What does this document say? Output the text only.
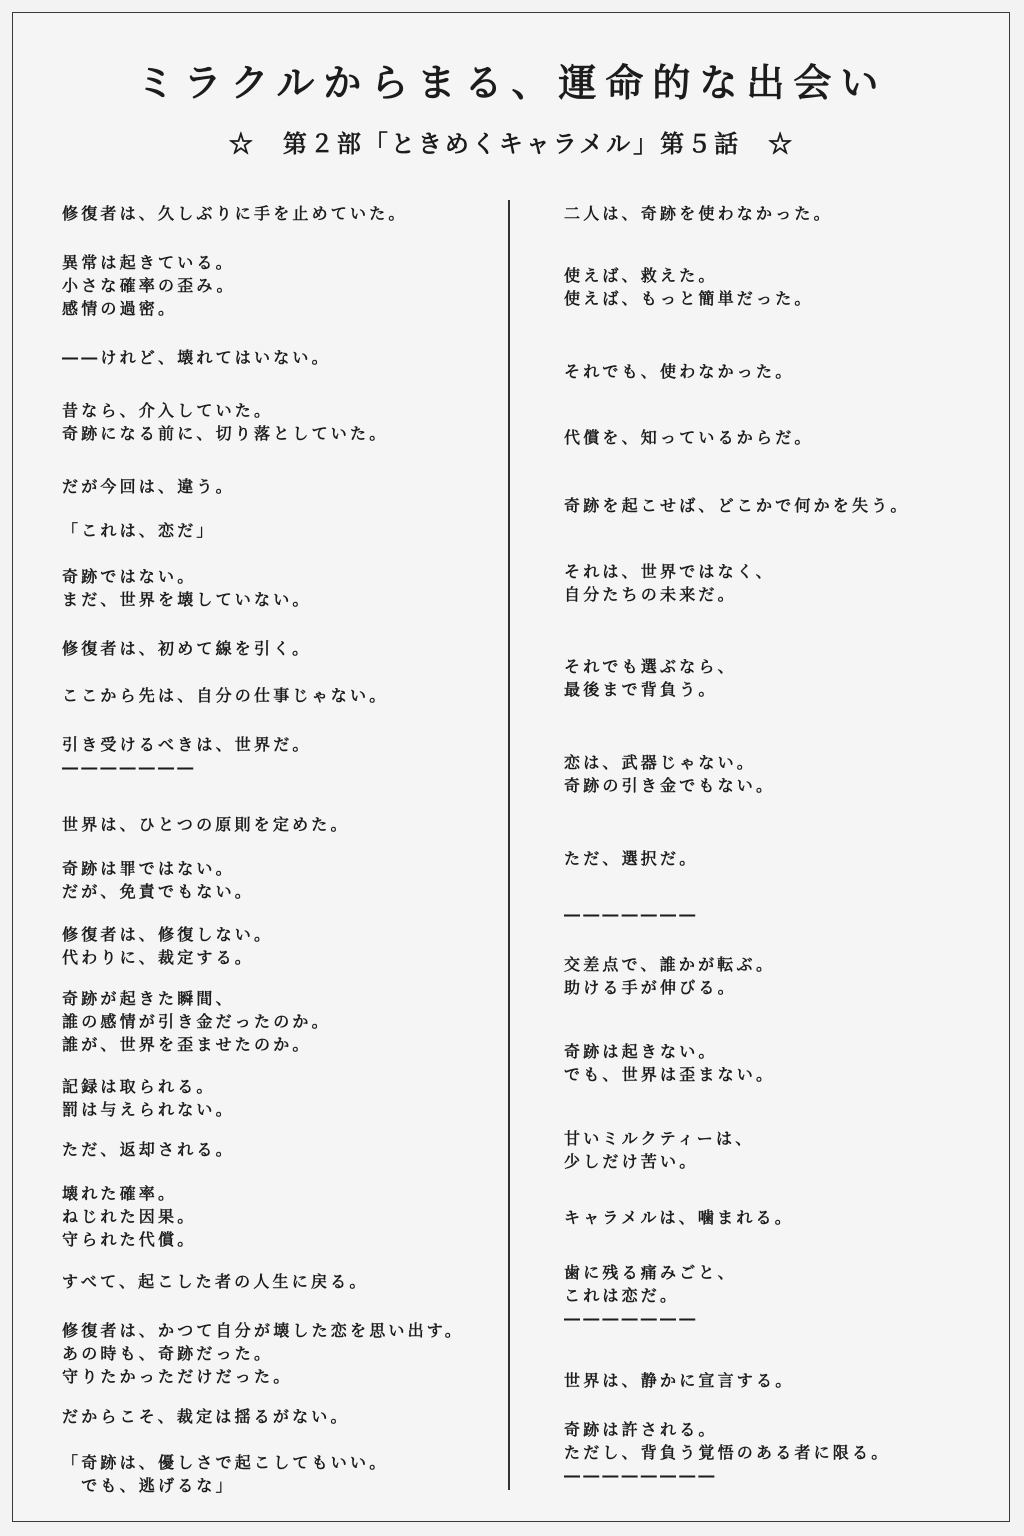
ミラクルからまる、運命的な出会い
☆　第２部「ときめくキャラメル」第５話　☆
修復者は、久しぶりに手を止めていた。
異常は起きている。
小さな確率の歪み。
感情の過密。
――けれど、壊れてはいない。
昔なら、介入していた。
奇跡になる前に、切り落としていた。
だが今回は、違う。
「これは、恋だ」
奇跡ではない。
まだ、世界を壊していない。
修復者は、初めて線を引く。
ここから先は、自分の仕事じゃない。
引き受けるべきは、世界だ。
―――――――
世界は、ひとつの原則を定めた。
奇跡は罪ではない。
だが、免責でもない。
修復者は、修復しない。
代わりに、裁定する。
奇跡が起きた瞬間、
誰の感情が引き金だったのか。
誰が、世界を歪ませたのか。
記録は取られる。
罰は与えられない。
ただ、返却される。
壊れた確率。
ねじれた因果。
守られた代償。
すべて、起こした者の人生に戻る。
修復者は、かつて自分が壊した恋を思い出す。
あの時も、奇跡だった。
守りたかっただけだった。
だからこそ、裁定は揺るがない。
「奇跡は、優しさで起こしてもいい。
　でも、逃げるな」
二人は、奇跡を使わなかった。
使えば、救えた。
使えば、もっと簡単だった。
それでも、使わなかった。
代償を、知っているからだ。
奇跡を起こせば、どこかで何かを失う。
それは、世界ではなく、
自分たちの未来だ。
それでも選ぶなら、
最後まで背負う。
恋は、武器じゃない。
奇跡の引き金でもない。
ただ、選択だ。
―――――――
交差点で、誰かが転ぶ。
助ける手が伸びる。
奇跡は起きない。
でも、世界は歪まない。
甘いミルクティーは、
少しだけ苦い。
キャラメルは、噛まれる。
歯に残る痛みごと、
これは恋だ。
―――――――
世界は、静かに宣言する。
奇跡は許される。
ただし、背負う覚悟のある者に限る。
――――――――
